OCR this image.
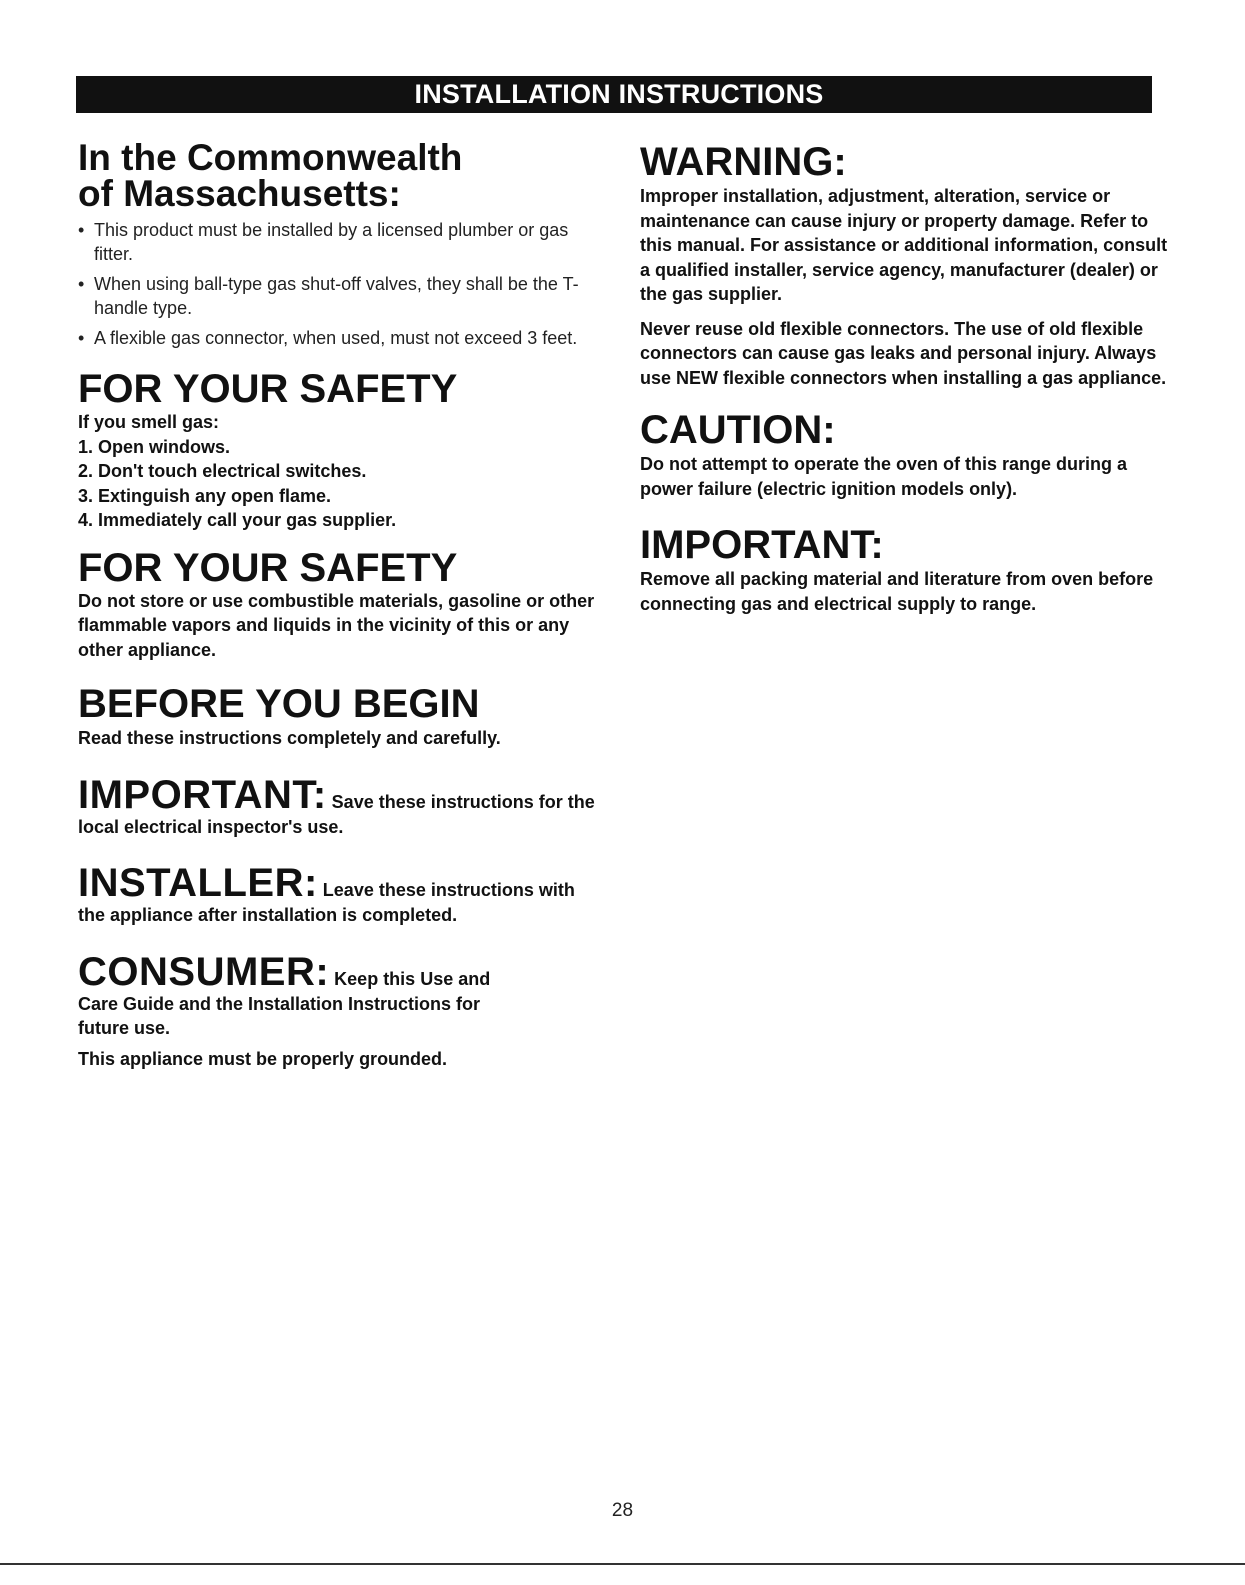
INSTALLATION INSTRUCTIONS
In the Commonwealth
of Massachusetts:
• This product must be installed by a licensed plumber or gas fitter.
• When using ball-type gas shut-off valves, they shall be the T-handle type.
• A flexible gas connector, when used, must not exceed 3 feet.
FOR YOUR SAFETY

If you smell gas:

1. Open windows.

2. Don't touch electrical switches.

3. Extinguish any open flame.

4. Immediately call your gas supplier.

FOR YOUR SAFETY

Do not store or use combustible materials, gasoline or other flammable vapors and liquids in the vicinity of this or any other appliance.

BEFORE YOU BEGIN

Read these instructions completely and carefully.

IMPORTANT: Save these instructions for the local electrical inspector's use.

INSTALLER: Leave these instructions with the appliance after installation is completed.

CONSUMER: Keep this Use and Care Guide and the Installation Instructions for future use.

This appliance must be properly grounded.

WARNING:

Improper installation, adjustment, alteration, service or maintenance can cause injury or property damage. Refer to this manual. For assistance or additional information, consult a qualified installer, service agency, manufacturer (dealer) or the gas supplier.

Never reuse old flexible connectors. The use of old flexible connectors can cause gas leaks and personal injury. Always use NEW flexible connectors when installing a gas appliance.

CAUTION:

Do not attempt to operate the oven of this range during a power failure (electric ignition models only).

IMPORTANT:

Remove all packing material and literature from oven before connecting gas and electrical supply to range.

28
